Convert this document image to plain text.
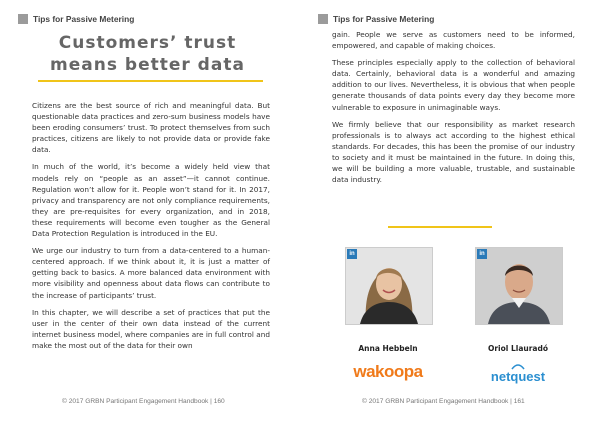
Tips for Passive Metering
Customers’ trust
means better data

Citizens are the best source of rich and meaningful data. But questionable data practices and zero-sum business models have been eroding consumers’ trust. To protect themselves from such practices, citizens are likely to not provide data or provide fake data.

In much of the world, it’s become a widely held view that models rely on “people as an asset”—it cannot continue. Regulation won’t allow for it. People won’t stand for it. In 2017, privacy and transparency are not only compliance requirements, they are pre-requisites for every organization, and in 2018, these requirements will become even tougher as the General Data Protection Regulation is introduced in the EU.

We urge our industry to turn from a data-centered to a human-centered approach. If we think about it, it is just a matter of getting back to basics. A more balanced data environment with more visibility and openness about data flows can contribute to the increase of participants’ trust.

In this chapter, we will describe a set of practices that put the user in the center of their own data instead of the current internet business model, where companies are in full control and make the most out of the data for their own

© 2017 GRBN Participant Engagement Handbook | 160
Tips for Passive Metering

gain. People we serve as customers need to be informed, empowered, and capable of making choices.

These principles especially apply to the collection of behavioral data. Certainly, behavioral data is a wonderful and amazing addition to our lives. Nevertheless, it is obvious that when people generate thousands of data points every day they become more vulnerable to exposure in unimaginable ways.

We firmly believe that our responsibility as market research professionals is to always act according to the highest ethical standards. For decades, this has been the promise of our industry to society and it must be maintained in the future. In doing this, we will be building a more valuable, trustable, and sustainable data industry.

in
Anna Hebbeln
wakoopa
in
Oriol Llauradó
netquest
© 2017 GRBN Participant Engagement Handbook | 161
